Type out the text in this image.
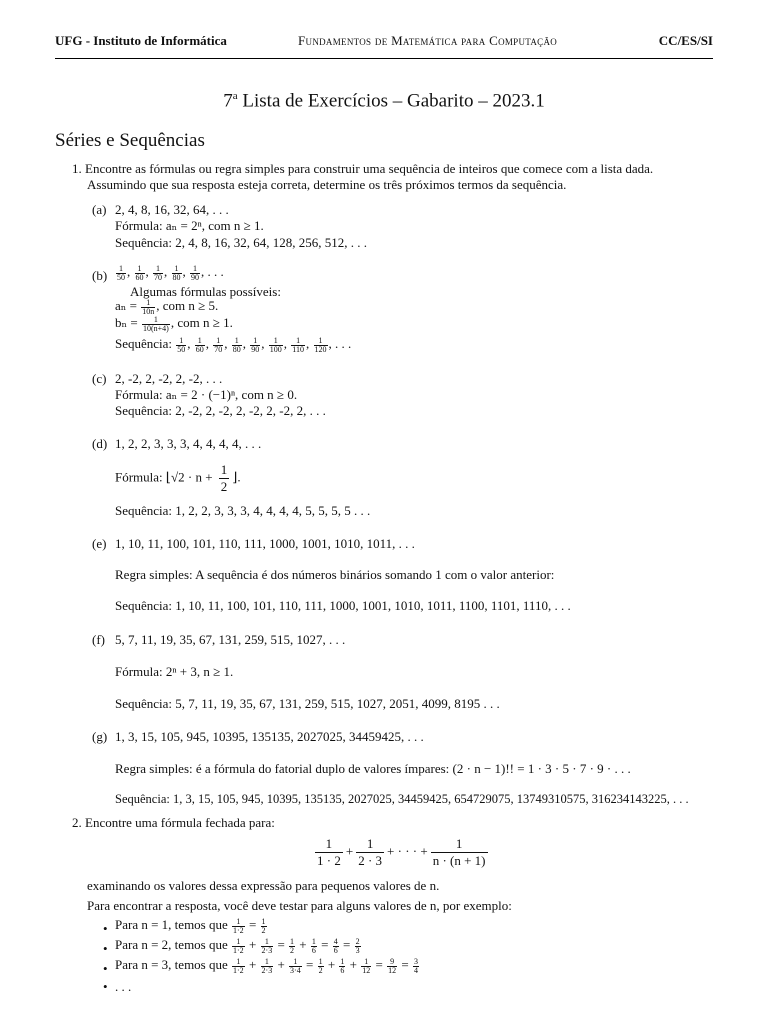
UFG - Instituto de Informática	Fundamentos de Matemática para Computação	CC/ES/SI
7$^a$ Lista de Exercícios – Gabarito – 2023.1
Séries e Sequências
1. Encontre as fórmulas ou regra simples para construir uma sequência de inteiros que comece com a lista dada.
Assumindo que sua resposta esteja correta, determine os três próximos termos da sequência.
(a) 2, 4, 8, 16, 32, 64, . . .
Fórmula: aₙ = 2ⁿ, com n ≥ 1.
Sequência: 2, 4, 8, 16, 32, 64, 128, 256, 512, . . .
$(b) \frac{1}{50}$ , $\frac{1}{60}$ , $\frac{1}{70}$ , $\frac{1}{80}$ , $\frac{1}{90}$ , . . .
Algumas fórmulas possíveis:
$a_n = \frac{1}{10n}$ , com n ≥ 5.
$b_n = \frac{1}{10(n+4)}$ , com n ≥ 1.
Sequência: $\frac{1}{50}$ , $\frac{1}{60}$ , $\frac{1}{70}$ , $\frac{1}{80}$ , $\frac{1}{90}$ , $\frac{1}{100}$ , $\frac{1}{110}$ , $\frac{1}{120}$ , . . .
(c) 2, -2, 2, -2, 2, -2, . . .
Fórmula: aₙ = 2 · (−1)ⁿ, com n ≥ 0.
Sequência: 2, -2, 2, -2, 2, -2, 2, -2, 2, . . .
(d) 1, 2, 2, 3, 3, 3, 4, 4, 4, 4, . . .
Fórmula: ⌊√2 · $n + \frac{1}{2}$ ⌋.
Sequência: 1, 2, 2, 3, 3, 3, 4, 4, 4, 4, 5, 5, 5, 5 . . .
(e) 1, 10, 11, 100, 101, 110, 111, 1000, 1001, 1010, 1011, . . .
Regra simples: A sequência é dos números binários somando 1 com o valor anterior:
Sequência: 1, 10, 11, 100, 101, 110, 111, 1000, 1001, 1010, 1011, 1100, 1101, 1110, . . .
(f) 5, 7, 11, 19, 35, 67, 131, 259, 515, 1027, . . .
Fórmula: 2ⁿ + 3, n ≥ 1.
Sequência: 5, 7, 11, 19, 35, 67, 131, 259, 515, 1027, 2051, 4099, 8195 . . .
(g) 1, 3, 15, 105, 945, 10395, 135135, 2027025, 34459425, . . .
Regra simples: é a fórmula do fatorial duplo de valores ímpares: (2 · n − 1)!! = 1 · 3 · 5 · 7 · 9 · . . .
Sequência: 1, 3, 15, 105, 945, 10395, 135135, 2027025, 34459425, 654729075, 13749310575, 316234143225, . . .
2. Encontre uma fórmula fechada para:
$\frac{1}{1 \cdot 2} + \frac{1}{2 \cdot 3}$ + · · · + $\frac{1}{n \cdot (n + 1)}$
examinando os valores dessa expressão para pequenos valores de n.
Para encontrar a resposta, você deve testar para alguns valores de n, por exemplo:
• Para n = 1, temos que $\frac{1}{1\cdot 2} = \frac{1}{2}$
• Para n = 2, temos que $\frac{1}{1\cdot 2} + \frac{1}{2\cdot 3} = \frac{1}{2} + \frac{1}{6} = \frac{4}{6} = \frac{2}{3}$
• Para n = 3, temos que $\frac{1}{1\cdot 2} + \frac{1}{2\cdot 3} + \frac{1}{3\cdot 4} = \frac{1}{2} + \frac{1}{6} + \frac{1}{12} = \frac{9}{12} = \frac{3}{4}$
• . . .
